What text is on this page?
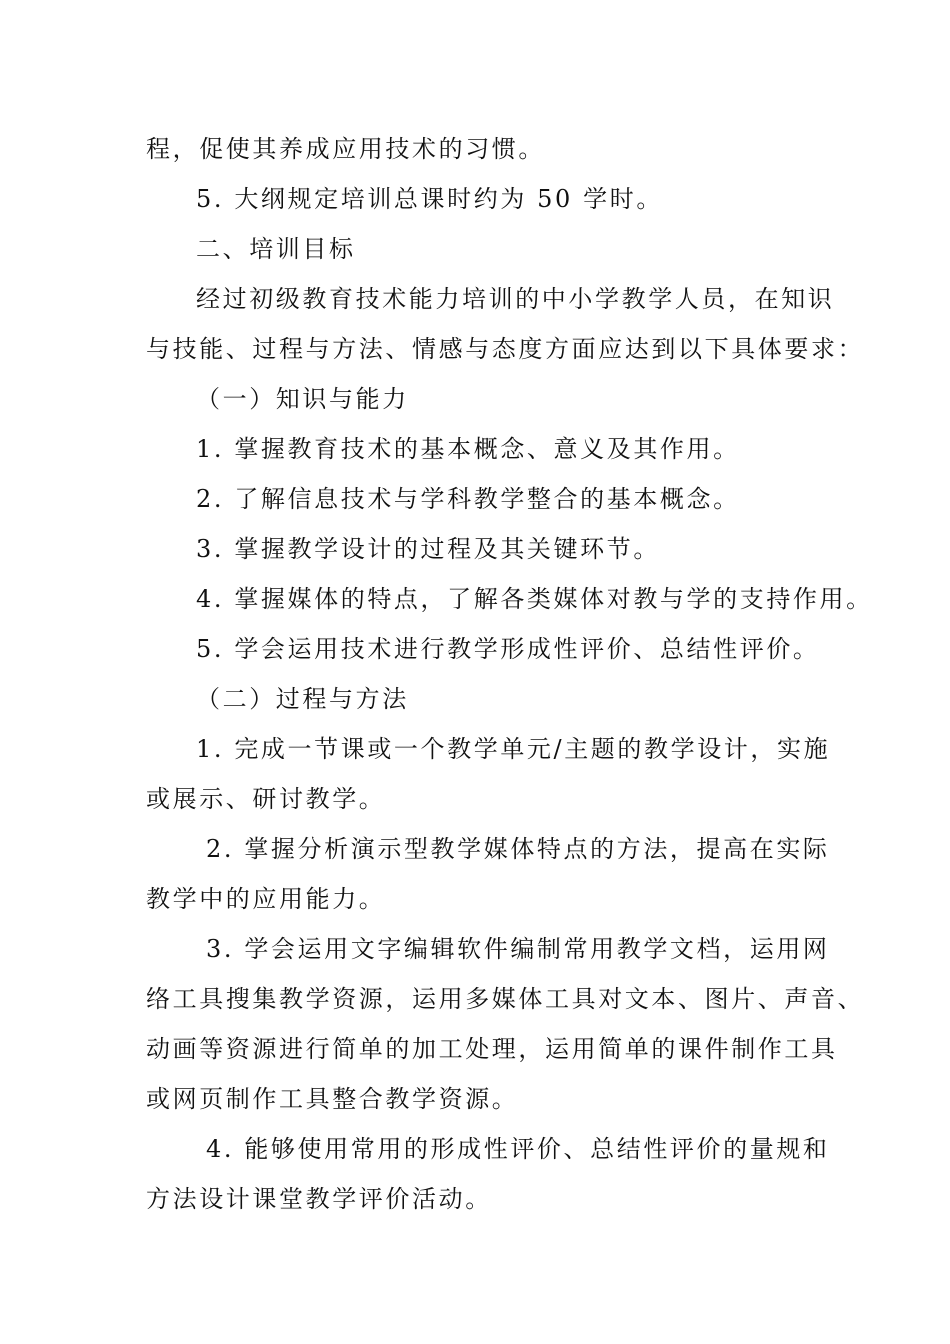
程，促使其养成应用技术的习惯。
5. 大纲规定培训总课时约为 50 学时。
二、培训目标
经过初级教育技术能力培训的中小学教学人员，在知识
与技能、过程与方法、情感与态度方面应达到以下具体要求：
（一）知识与能力
1. 掌握教育技术的基本概念、意义及其作用。
2. 了解信息技术与学科教学整合的基本概念。
3. 掌握教学设计的过程及其关键环节。
4. 掌握媒体的特点，了解各类媒体对教与学的支持作用。
5. 学会运用技术进行教学形成性评价、总结性评价。
（二）过程与方法
1. 完成一节课或一个教学单元/主题的教学设计，实施
或展示、研讨教学。
2. 掌握分析演示型教学媒体特点的方法，提高在实际
教学中的应用能力。
3. 学会运用文字编辑软件编制常用教学文档，运用网
络工具搜集教学资源，运用多媒体工具对文本、图片、声音、
动画等资源进行简单的加工处理，运用简单的课件制作工具
或网页制作工具整合教学资源。
4. 能够使用常用的形成性评价、总结性评价的量规和
方法设计课堂教学评价活动。
